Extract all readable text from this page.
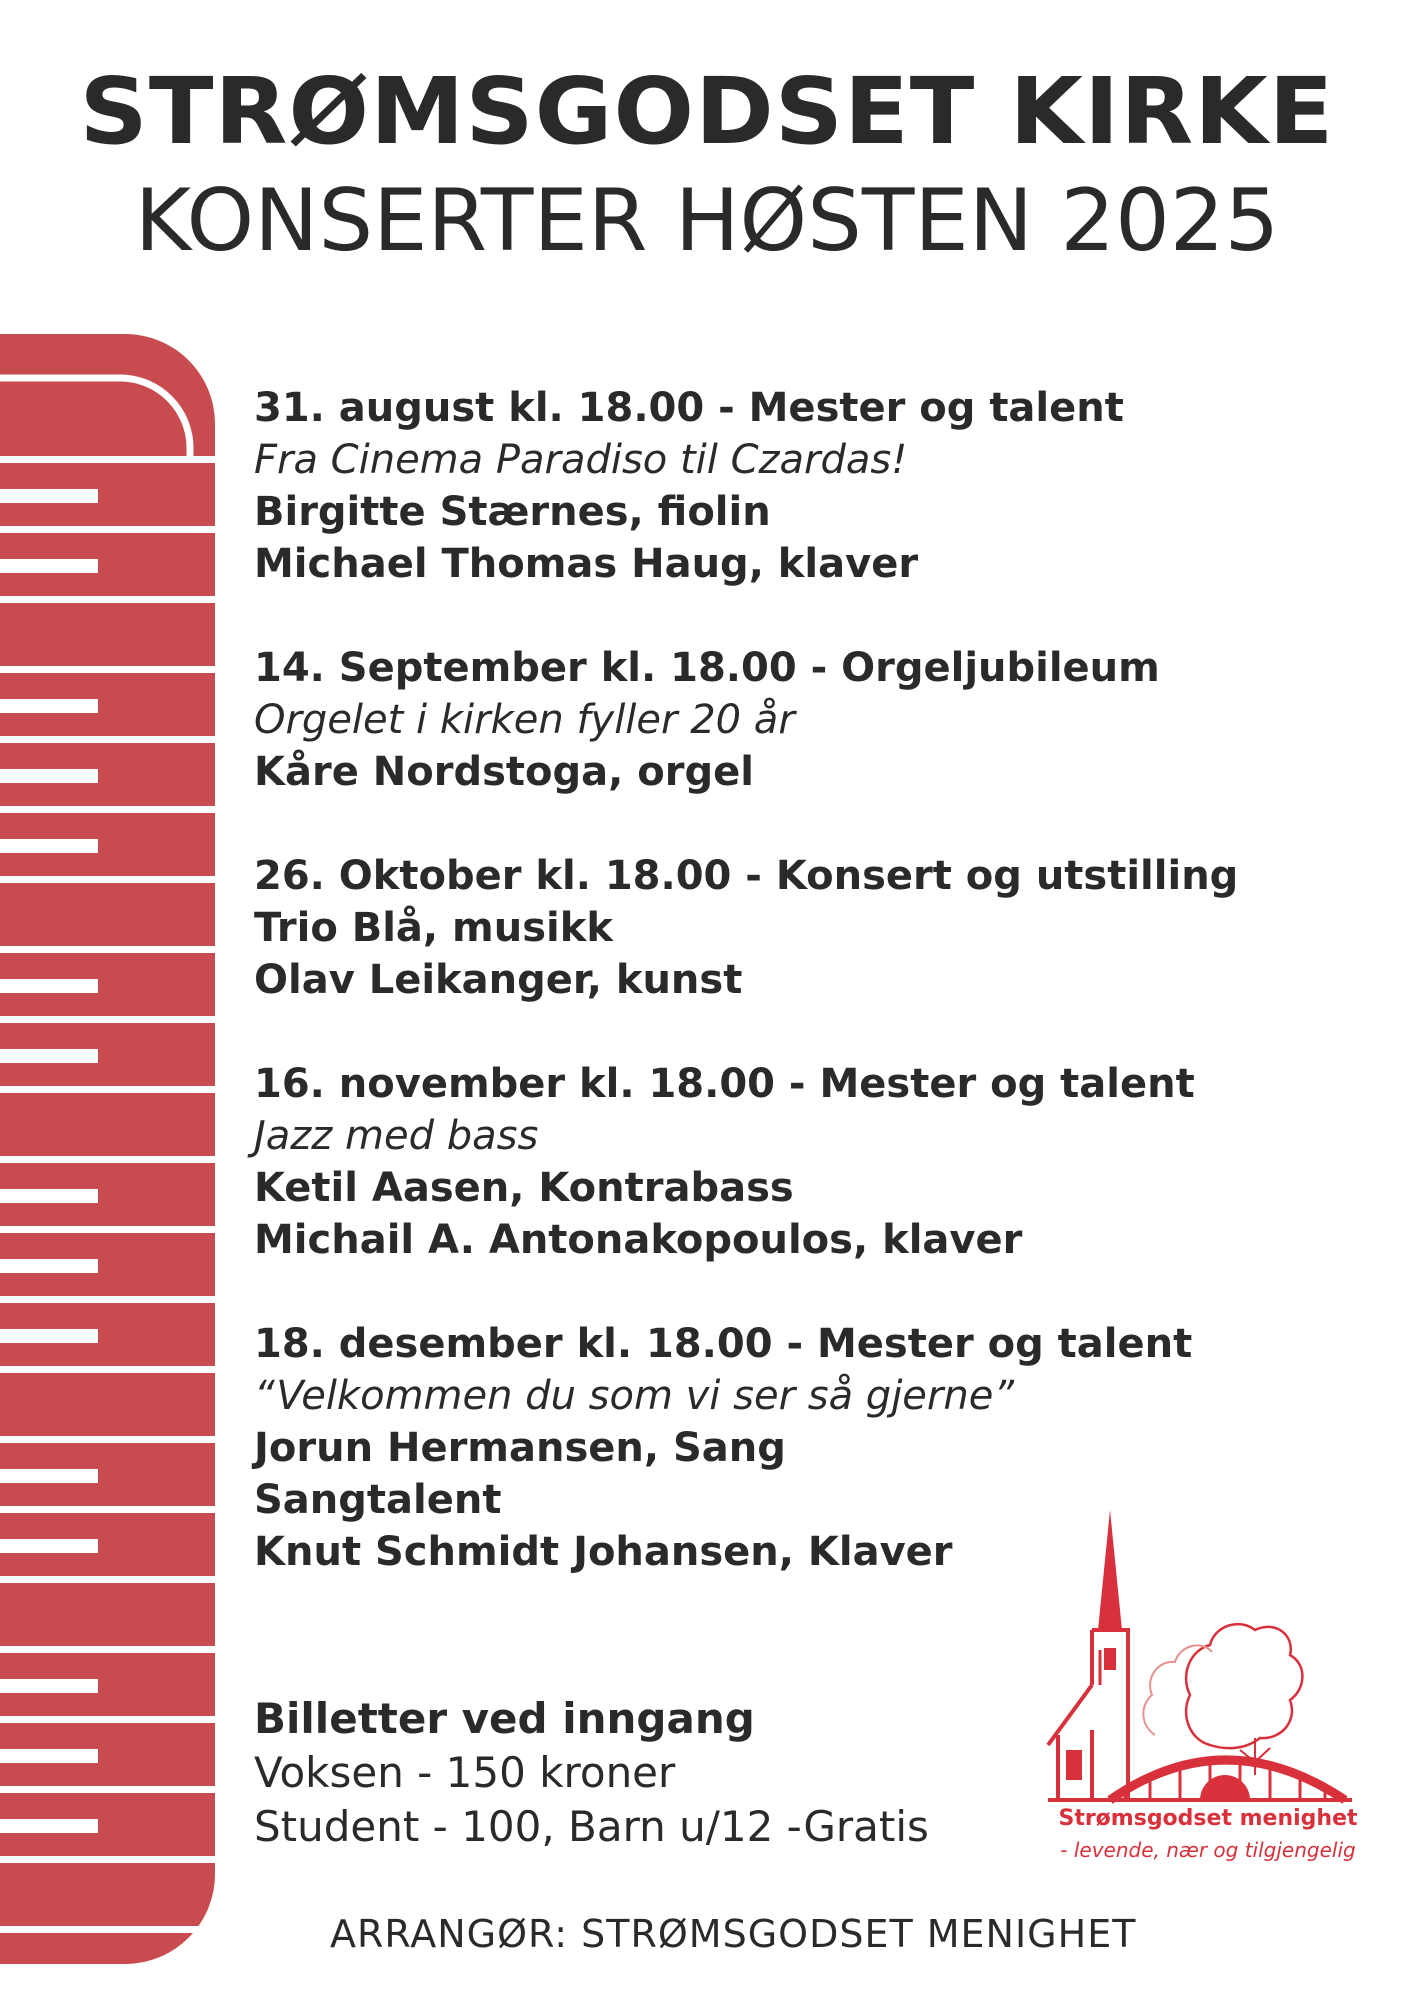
STRØMSGODSET KIRKE
KONSERTER HØSTEN 2025
31. august kl. 18.00 - Mester og talent
Fra Cinema Paradiso til Czardas!
Birgitte Stærnes, fiolin
Michael Thomas Haug, klaver
14. September kl. 18.00 - Orgeljubileum
Orgelet i kirken fyller 20 år
Kåre Nordstoga, orgel
26. Oktober kl. 18.00 - Konsert og utstilling
Trio Blå, musikk
Olav Leikanger, kunst
16. november kl. 18.00 - Mester og talent
Jazz med bass
Ketil Aasen, Kontrabass
Michail A. Antonakopoulos, klaver
18. desember kl. 18.00 - Mester og talent
“Velkommen du som vi ser så gjerne”
Jorun Hermansen, Sang
Sangtalent
Knut Schmidt Johansen, Klaver
Billetter ved inngang
Voksen - 150 kroner
Student - 100, Barn u/12 -Gratis	Strømsgodset menighet
- levende, nær og tilgjengelig
ARRANGØR: STRØMSGODSET MENIGHET
